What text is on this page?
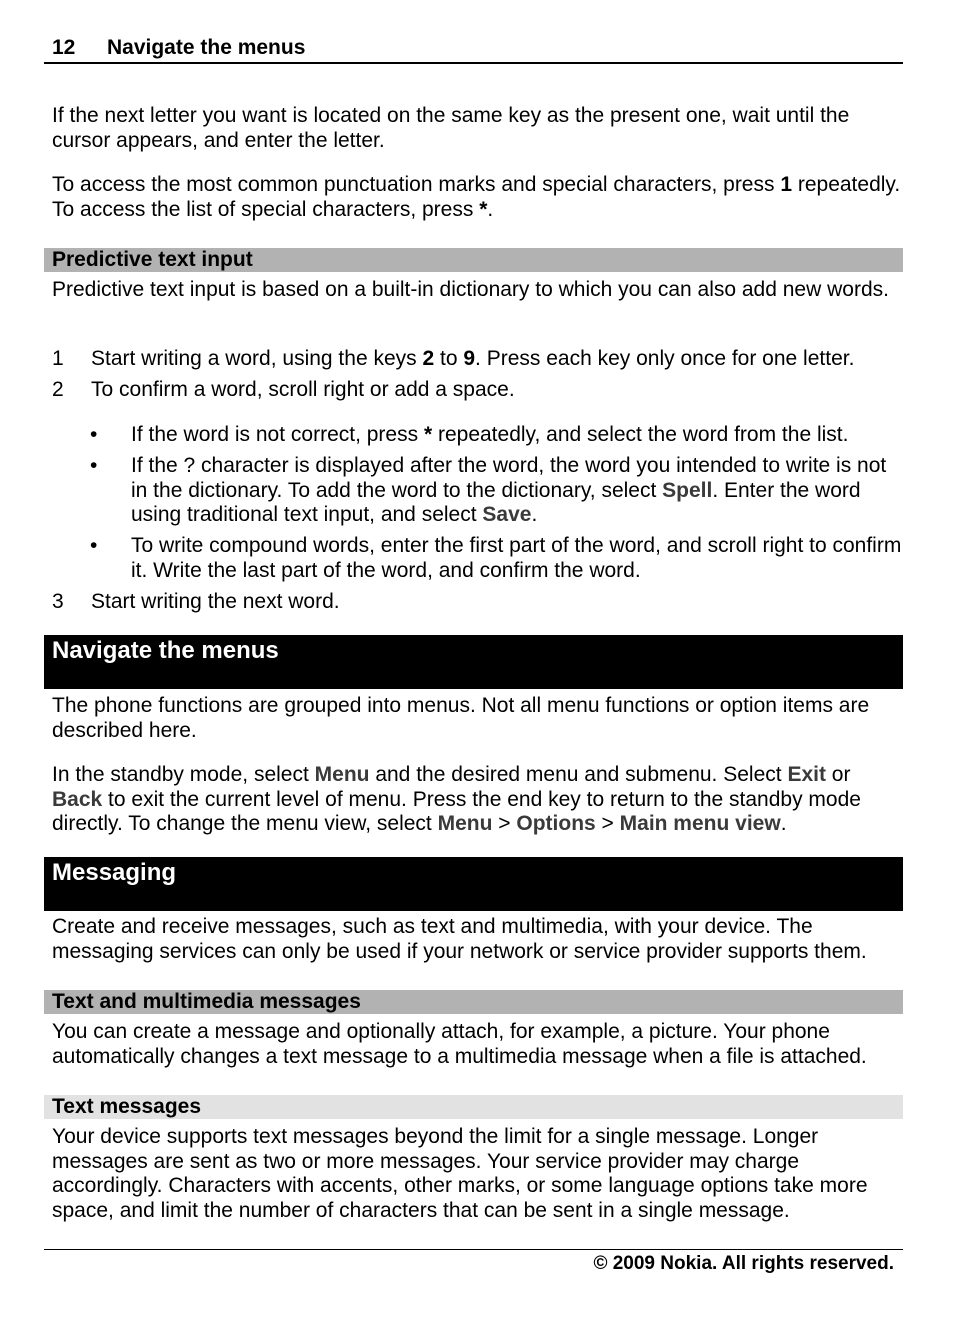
12 Navigate the menus

If the next letter you want is located on the same key as the present one, wait until the cursor appears, and enter the letter.

To access the most common punctuation marks and special characters, press 1 repeatedly. To access the list of special characters, press *.

Predictive text input

Predictive text input is based on a built-in dictionary to which you can also add new words.

1 Start writing a word, using the keys 2 to 9. Press each key only once for one letter.
2 To confirm a word, scroll right or add a space.
• If the word is not correct, press * repeatedly, and select the word from the list.
• If the ? character is displayed after the word, the word you intended to write is not in the dictionary. To add the word to the dictionary, select Spell. Enter the word using traditional text input, and select Save.
• To write compound words, enter the first part of the word, and scroll right to confirm it. Write the last part of the word, and confirm the word.
3 Start writing the next word.
Navigate the menus

The phone functions are grouped into menus. Not all menu functions or option items are described here.

In the standby mode, select Menu and the desired menu and submenu. Select Exit or Back to exit the current level of menu. Press the end key to return to the standby mode directly. To change the menu view, select Menu > Options > Main menu view.

Messaging

Create and receive messages, such as text and multimedia, with your device. The messaging services can only be used if your network or service provider supports them.

Text and multimedia messages

You can create a message and optionally attach, for example, a picture. Your phone automatically changes a text message to a multimedia message when a file is attached.

Text messages

Your device supports text messages beyond the limit for a single message. Longer messages are sent as two or more messages. Your service provider may charge accordingly. Characters with accents, other marks, or some language options take more space, and limit the number of characters that can be sent in a single message.

© 2009 Nokia. All rights reserved.
